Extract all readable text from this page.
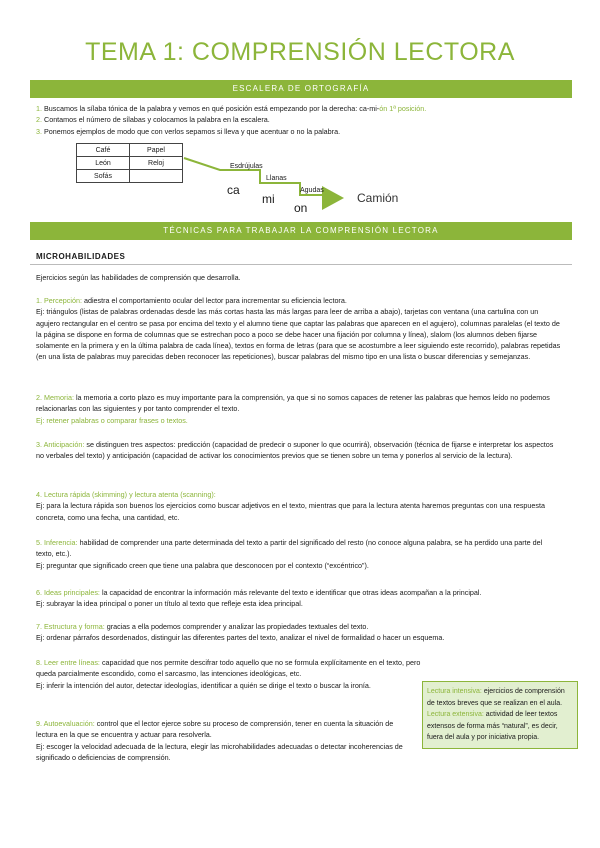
TEMA 1: COMPRENSIÓN LECTORA
ESCALERA DE ORTOGRAFÍA
1. Buscamos la sílaba tónica de la palabra y vemos en qué posición está empezando por la derecha: ca-mi-ón 1ª posición.
2. Contamos el número de sílabas y colocamos la palabra en la escalera.
3. Ponemos ejemplos de modo que con verlos sepamos si lleva y que acentuar o no la palabra.
Café	Papel
León	Reloj
Sofás	
Esdrújulas
Llanas
Agudas
ca
mi
on
Camión
TÉCNICAS PARA TRABAJAR LA COMPRENSIÓN LECTORA
MICROHABILIDADES
Ejercicios según las habilidades de comprensión que desarrolla.
1. Percepción: adiestra el comportamiento ocular del lector para incrementar su eficiencia lectora.
Ej: triángulos (listas de palabras ordenadas desde las más cortas hasta las más largas para leer de arriba a abajo), tarjetas con ventana (una cartulina con un agujero rectangular en el centro se pasa por encima del texto y el alumno tiene que captar las palabras que aparecen en el agujero), columnas paralelas (el texto de la página se dispone en forma de columnas que se estrechan poco a poco se debe hacer una fijación por columna y línea), slalom (los alumnos deben fijarse solamente en la primera y en la última palabra de cada línea), textos en forma de letras (para que se acostumbre a leer siguiendo este recorrido), palabras repetidas (en una lista de palabras muy parecidas deben reconocer las repeticiones), buscar palabras del mismo tipo en una lista o buscar diferencias y semejanzas.
2. Memoria: la memoria a corto plazo es muy importante para la comprensión, ya que si no somos capaces de retener las palabras que hemos leído no podemos relacionarlas con las siguientes y por tanto comprender el texto.
Ej: retener palabras o comparar frases o textos.
3. Anticipación: se distinguen tres aspectos: predicción (capacidad de predecir o suponer lo que ocurrirá), observación (técnica de fijarse e interpretar los aspectos no verbales del texto) y anticipación (capacidad de activar los conocimientos previos que se tienen sobre un tema y ponerlos al servicio de la lectura).
4. Lectura rápida (skimming) y lectura atenta (scanning):
Ej: para la lectura rápida son buenos los ejercicios como buscar adjetivos en el texto, mientras que para la lectura atenta haremos preguntas con una respuesta concreta, como una fecha, una cantidad, etc.
5. Inferencia: habilidad de comprender una parte determinada del texto a partir del significado del resto (no conoce alguna palabra, se ha perdido una parte del texto, etc.).
Ej: preguntar que significado creen que tiene una palabra que desconocen por el contexto (“excéntrico”).
6. Ideas principales: la capacidad de encontrar la información más relevante del texto e identificar que otras ideas acompañan a la principal.
Ej: subrayar la idea principal o poner un título al texto que refleje esta idea principal.
7. Estructura y forma: gracias a ella podemos comprender y analizar las propiedades textuales del texto.
Ej: ordenar párrafos desordenados, distinguir las diferentes partes del texto, analizar el nivel de formalidad o hacer un esquema.
8. Leer entre líneas: capacidad que nos permite descifrar todo aquello que no se formula explícitamente en el texto, pero queda parcialmente escondido, como el sarcasmo, las intenciones ideológicas, etc.
Ej: inferir la intención del autor, detectar ideologías, identificar a quién se dirige el texto o buscar la ironía.
9. Autoevaluación: control que el lector ejerce sobre su proceso de comprensión, tener en cuenta la situación de lectura en la que se encuentra y actuar para resolverla.
Ej: escoger la velocidad adecuada de la lectura, elegir las microhabilidades adecuadas o detectar incoherencias de significado o deficiencias de comprensión.
Lectura intensiva: ejercicios de comprensión de textos breves que se realizan en el aula.
Lectura extensiva: actividad de leer textos extensos de forma más “natural”, es decir, fuera del aula y por iniciativa propia.
